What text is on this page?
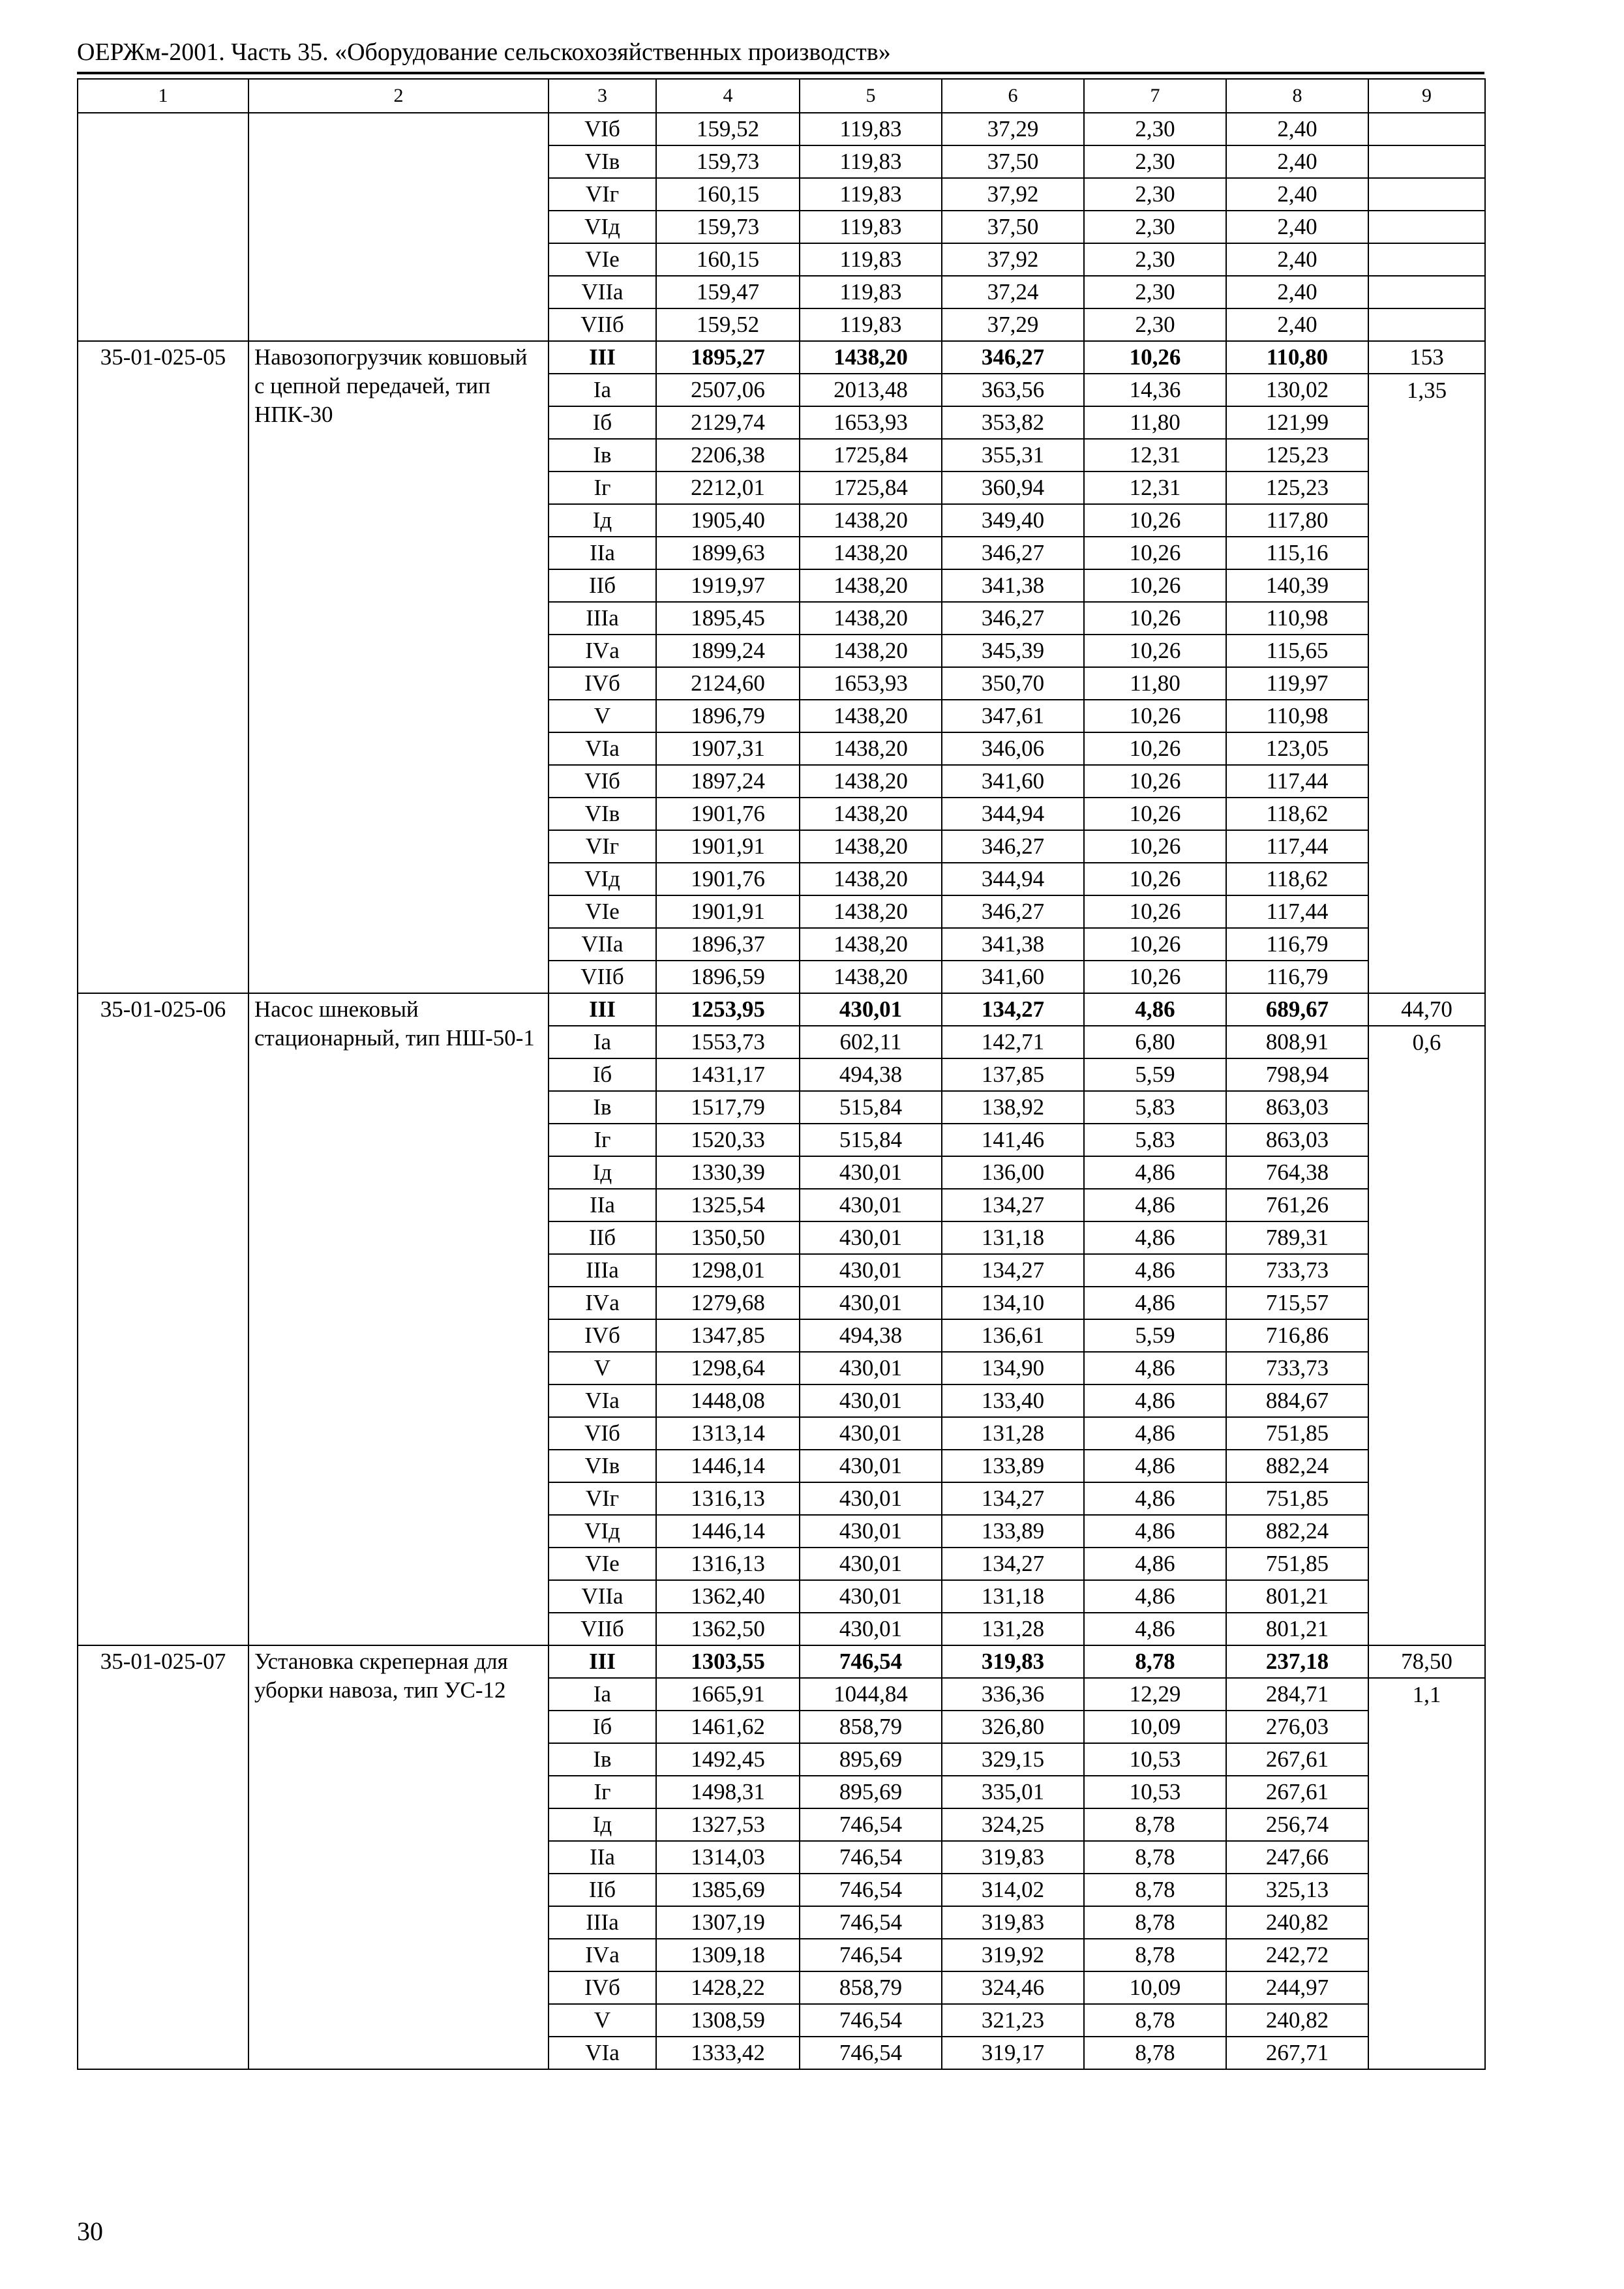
ОЕРЖм-2001. Часть 35. «Оборудование сельскохозяйственных производств»
1	2	3	4	5	6	7	8	9
		VIб	159,52	119,83	37,29	2,30	2,40	
		VIв	159,73	119,83	37,50	2,30	2,40	
		VIг	160,15	119,83	37,92	2,30	2,40	
		VIд	159,73	119,83	37,50	2,30	2,40	
		VIе	160,15	119,83	37,92	2,30	2,40	
		VIIа	159,47	119,83	37,24	2,30	2,40	
		VIIб	159,52	119,83	37,29	2,30	2,40	
35-01-025-05	Навозопогрузчик ковшовый с цепной передачей, тип НПК-30	III	1895,27	1438,20	346,27	10,26	110,80	153
		Iа	2507,06	2013,48	363,56	14,36	130,02	1,35
		Iб	2129,74	1653,93	353,82	11,80	121,99	
		Iв	2206,38	1725,84	355,31	12,31	125,23	
		Iг	2212,01	1725,84	360,94	12,31	125,23	
		Iд	1905,40	1438,20	349,40	10,26	117,80	
		IIа	1899,63	1438,20	346,27	10,26	115,16	
		IIб	1919,97	1438,20	341,38	10,26	140,39	
		IIIа	1895,45	1438,20	346,27	10,26	110,98	
		IVа	1899,24	1438,20	345,39	10,26	115,65	
		IVб	2124,60	1653,93	350,70	11,80	119,97	
		V	1896,79	1438,20	347,61	10,26	110,98	
		VIа	1907,31	1438,20	346,06	10,26	123,05	
		VIб	1897,24	1438,20	341,60	10,26	117,44	
		VIв	1901,76	1438,20	344,94	10,26	118,62	
		VIг	1901,91	1438,20	346,27	10,26	117,44	
		VIд	1901,76	1438,20	344,94	10,26	118,62	
		VIе	1901,91	1438,20	346,27	10,26	117,44	
		VIIа	1896,37	1438,20	341,38	10,26	116,79	
		VIIб	1896,59	1438,20	341,60	10,26	116,79	
35-01-025-06	Насос шнековый стационарный, тип НШ-50-1	III	1253,95	430,01	134,27	4,86	689,67	44,70
		Iа	1553,73	602,11	142,71	6,80	808,91	0,6
		Iб	1431,17	494,38	137,85	5,59	798,94	
		Iв	1517,79	515,84	138,92	5,83	863,03	
		Iг	1520,33	515,84	141,46	5,83	863,03	
		Iд	1330,39	430,01	136,00	4,86	764,38	
		IIа	1325,54	430,01	134,27	4,86	761,26	
		IIб	1350,50	430,01	131,18	4,86	789,31	
		IIIа	1298,01	430,01	134,27	4,86	733,73	
		IVа	1279,68	430,01	134,10	4,86	715,57	
		IVб	1347,85	494,38	136,61	5,59	716,86	
		V	1298,64	430,01	134,90	4,86	733,73	
		VIа	1448,08	430,01	133,40	4,86	884,67	
		VIб	1313,14	430,01	131,28	4,86	751,85	
		VIв	1446,14	430,01	133,89	4,86	882,24	
		VIг	1316,13	430,01	134,27	4,86	751,85	
		VIд	1446,14	430,01	133,89	4,86	882,24	
		VIе	1316,13	430,01	134,27	4,86	751,85	
		VIIа	1362,40	430,01	131,18	4,86	801,21	
		VIIб	1362,50	430,01	131,28	4,86	801,21	
35-01-025-07	Установка скреперная для уборки навоза, тип УС-12	III	1303,55	746,54	319,83	8,78	237,18	78,50
		Iа	1665,91	1044,84	336,36	12,29	284,71	1,1
		Iб	1461,62	858,79	326,80	10,09	276,03	
		Iв	1492,45	895,69	329,15	10,53	267,61	
		Iг	1498,31	895,69	335,01	10,53	267,61	
		Iд	1327,53	746,54	324,25	8,78	256,74	
		IIа	1314,03	746,54	319,83	8,78	247,66	
		IIб	1385,69	746,54	314,02	8,78	325,13	
		IIIа	1307,19	746,54	319,83	8,78	240,82	
		IVа	1309,18	746,54	319,92	8,78	242,72	
		IVб	1428,22	858,79	324,46	10,09	244,97	
		V	1308,59	746,54	321,23	8,78	240,82	
		VIа	1333,42	746,54	319,17	8,78	267,71	
30
